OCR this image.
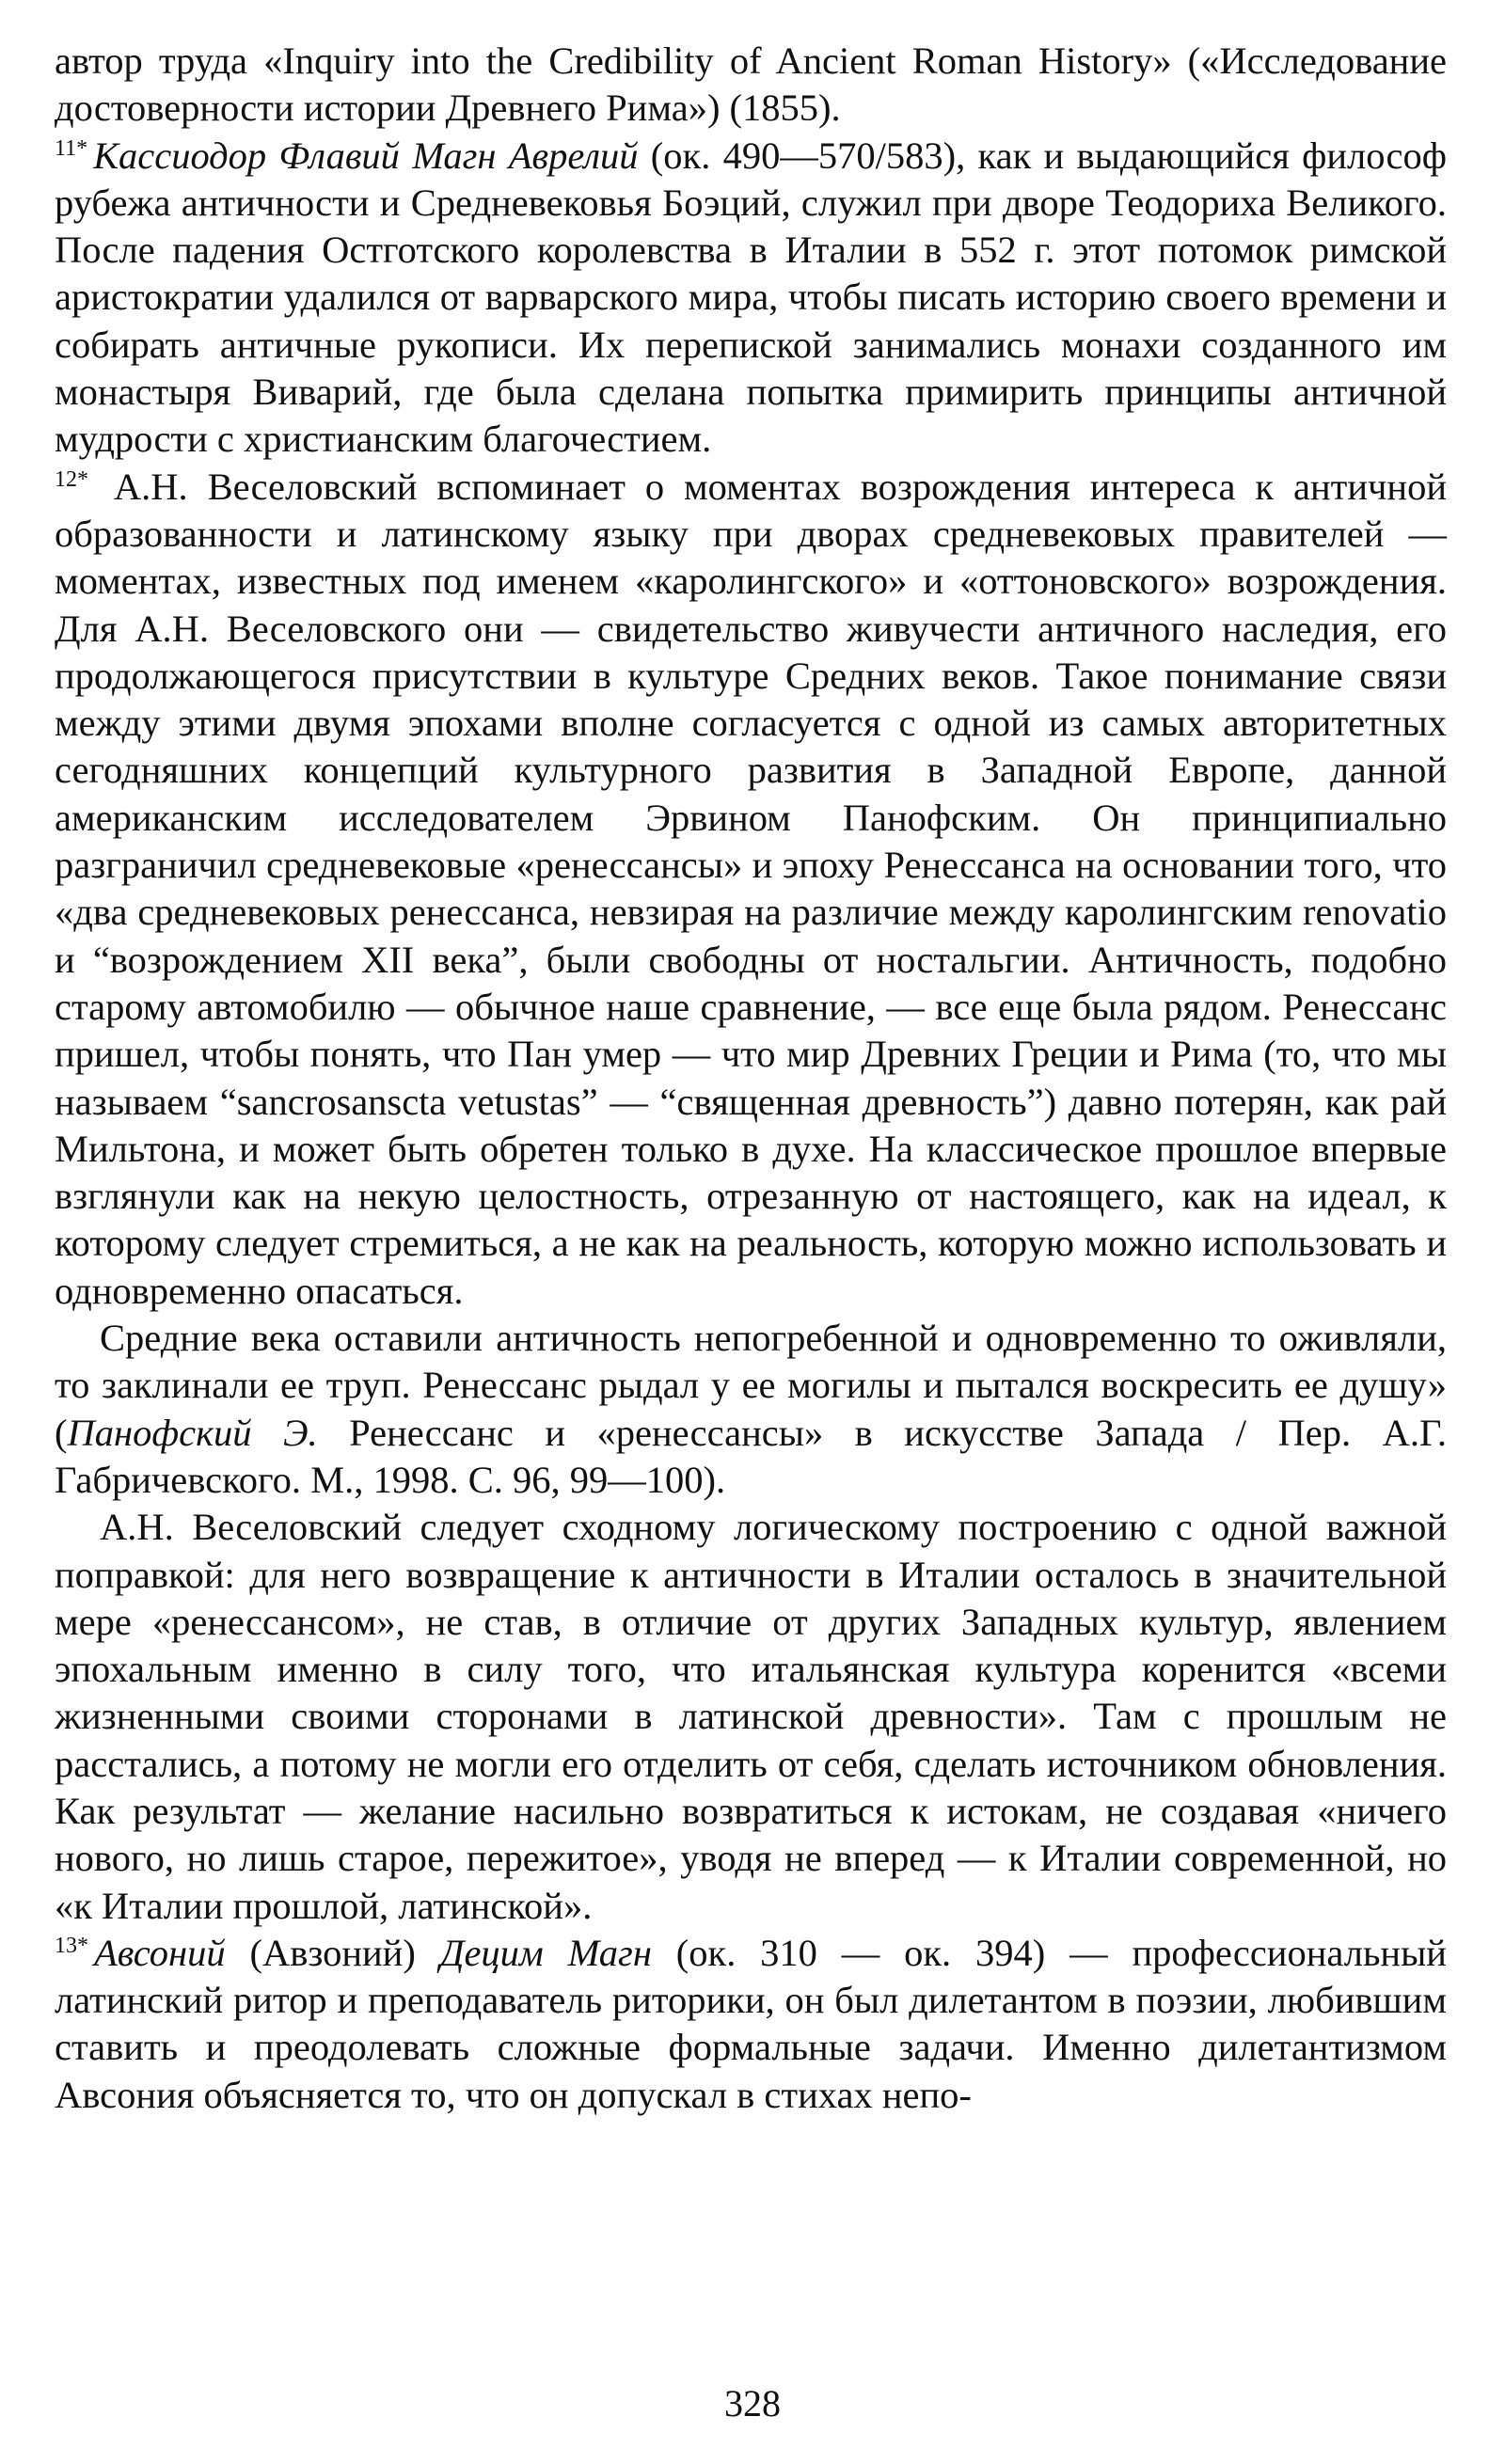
автор труда «Inquiry into the Credibility of Ancient Roman History» («Исследование достоверности истории Древнего Рима») (1855).

$^{11*}$ Кассиодор Флавий Магн Аврелий (ок. 490—570/583), как и выдающийся философ рубежа античности и Средневековья Боэций, служил при дворе Теодориха Великого. После падения Остготского королевства в Италии в 552 г. этот потомок римской аристократии удалился от варварского мира, чтобы писать историю своего времени и собирать античные рукописи. Их перепиской занимались монахи созданного им монастыря Виварий, где была сделана попытка примирить принципы античной мудрости с христианским благочестием.

$^{12*}$ А.Н. Веселовский вспоминает о моментах возрождения интереса к античной образованности и латинскому языку при дворах средневековых правителей — моментах, известных под именем «каролингского» и «оттоновского» возрождения. Для А.Н. Веселовского они — свидетельство живучести античного наследия, его продолжающегося присутствии в культуре Средних веков. Такое понимание связи между этими двумя эпохами вполне согласуется с одной из самых авторитетных сегодняшних концепций культурного развития в Западной Европе, данной американским исследователем Эрвином Панофским. Он принципиально разграничил средневековые «ренессансы» и эпоху Ренессанса на основании того, что «два средневековых ренессанса, невзирая на различие между каролингским renovatio и “возрождением XII века”, были свободны от ностальгии. Античность, подобно старому автомобилю — обычное наше сравнение, — все еще была рядом. Ренессанс пришел, чтобы понять, что Пан умер — что мир Древних Греции и Рима (то, что мы называем “sancrosanscta vetustas” — “священная древность”) давно потерян, как рай Мильтона, и может быть обретен только в духе. На классическое прошлое впервые взглянули как на некую целостность, отрезанную от настоящего, как на идеал, к которому следует стремиться, а не как на реальность, которую можно использовать и одновременно опасаться.

Средние века оставили античность непогребенной и одновременно то оживляли, то заклинали ее труп. Ренессанс рыдал у ее могилы и пытался воскресить ее душу» (Панофский Э. Ренессанс и «ренессансы» в искусстве Запада / Пер. А.Г. Габричевского. М., 1998. С. 96, 99—100).

А.Н. Веселовский следует сходному логическому построению с одной важной поправкой: для него возвращение к античности в Италии осталось в значительной мере «ренессансом», не став, в отличие от других Западных культур, явлением эпохальным именно в силу того, что итальянская культура коренится «всеми жизненными своими сторонами в латинской древности». Там с прошлым не расстались, а потому не могли его отделить от себя, сделать источником обновления. Как результат — желание насильно возвратиться к истокам, не создавая «ничего нового, но лишь старое, пережитое», уводя не вперед — к Италии современной, но «к Италии прошлой, латинской».

$^{13*}$ Авсоний (Авзоний) Децим Магн (ок. 310 — ок. 394) — профессиональный латинский ритор и преподаватель риторики, он был дилетантом в поэзии, любившим ставить и преодолевать сложные формальные задачи. Именно дилетантизмом Авсония объясняется то, что он допускал в стихах непо-

328
